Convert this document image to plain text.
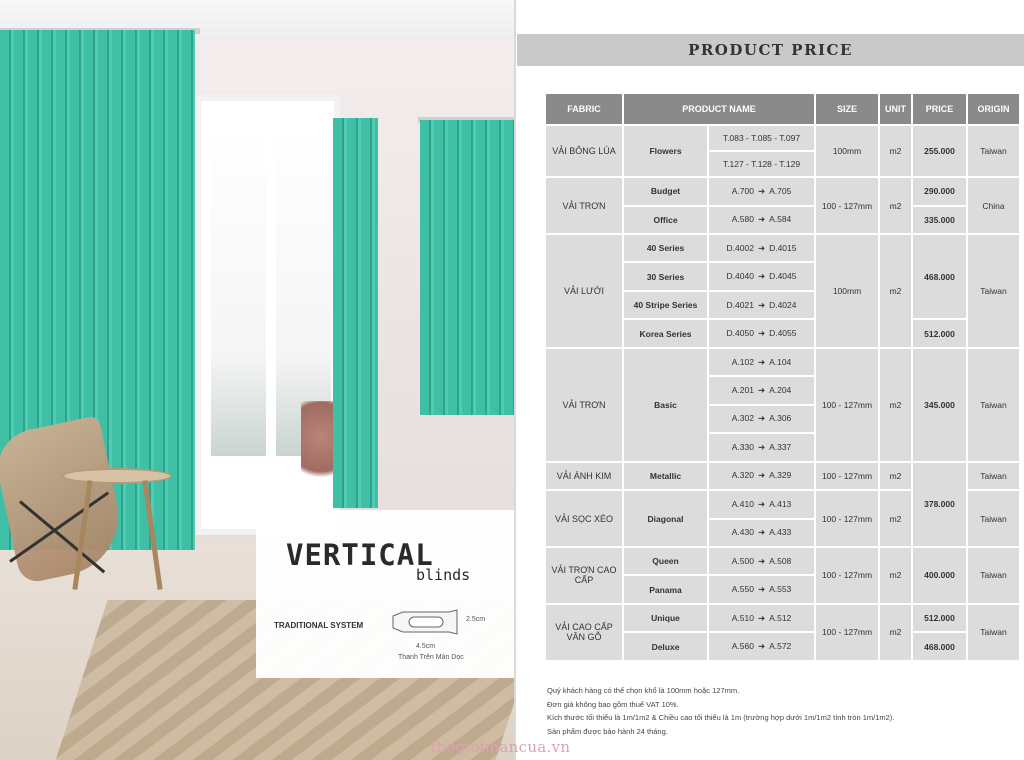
VERTICAL
blinds
TRADITIONAL SYSTEM
2.5cm
4.5cm
Thanh Trên Màn Dọc
PRODUCT PRICE
FABRIC	PRODUCT NAME		SIZE	UNIT	PRICE	ORIGIN
VẢI BÔNG LÚA	Flowers	T.083 - T.085 - T.097	100mm	m2	255.000	Taiwan
		T.127 - T.128 - T.129				
VẢI TRƠN	Budget	A.700 ➜ A.705	100 - 127mm	m2	290.000	China
	Office	A.580 ➜ A.584			335.000	
VẢI LƯỚI	40 Series	D.4002 ➜ D.4015	100mm	m2	468.000	Taiwan
	30 Series	D.4040 ➜ D.4045				
	40 Stripe Series	D.4021 ➜ D.4024				
	Korea Series	D.4050 ➜ D.4055			512.000	
VẢI TRƠN	Basic	A.102 ➜ A.104	100 - 127mm	m2	345.000	Taiwan
		A.201 ➜ A.204				
		A.302 ➜ A.306				
		A.330 ➜ A.337				
VẢI ÁNH KIM	Metallic	A.320 ➜ A.329	100 - 127mm	m2	378.000	Taiwan
VẢI SỌC XÉO	Diagonal	A.410 ➜ A.413	100 - 127mm	m2		Taiwan
		A.430 ➜ A.433				
VẢI TRƠN CAO CẤP	Queen	A.500 ➜ A.508	100 - 127mm	m2	400.000	Taiwan
	Panama	A.550 ➜ A.553				
VẢI CAO CẤP VÂN GỖ	Unique	A.510 ➜ A.512	100 - 127mm	m2	512.000	Taiwan
	Deluxe	A.560 ➜ A.572			468.000	
Quý khách hàng có thể chọn khổ là 100mm hoặc 127mm.
Đơn giá không bao gồm thuế VAT 10%.
Kích thước tối thiểu là 1m/1m2 & Chiều cao tối thiểu là 1m (trường hợp dưới 1m/1m2 tính tròn 1m/1m2).
Sản phẩm được bảo hành 24 tháng.
thegioimancua.vn
